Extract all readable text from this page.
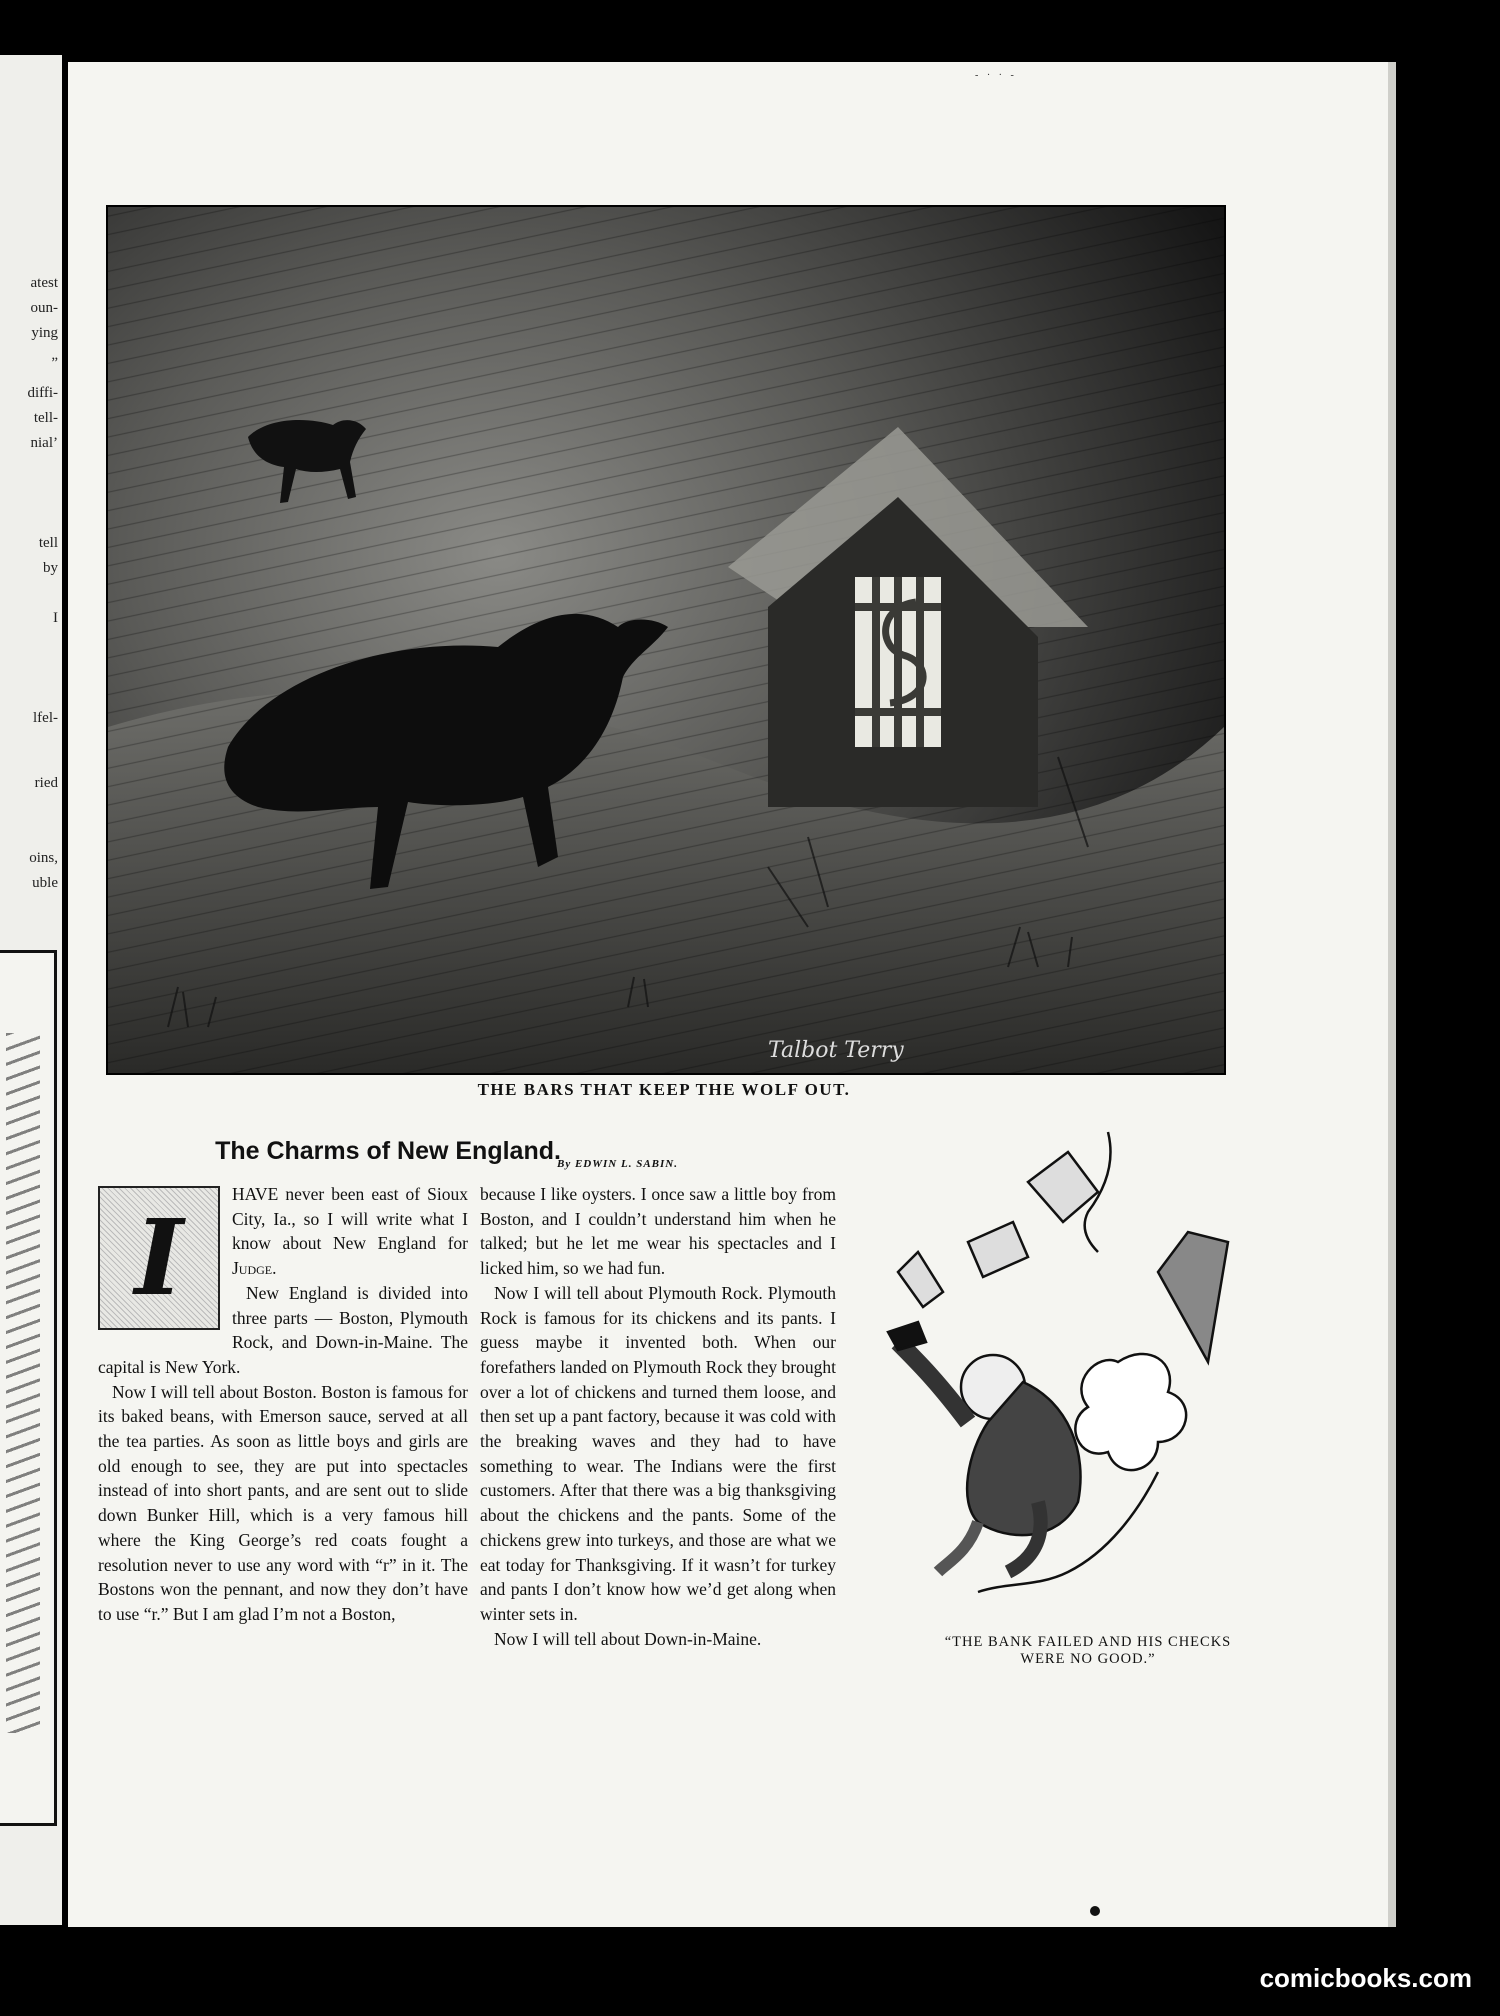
atest
oun-
ying
”
diffi-
tell-
nial’
tell
by
I
lfel-
ried
oins,
uble
Talbot Terry
THE BARS THAT KEEP THE WOLF OUT.
The Charms of New England.
By EDWIN L. SABIN.
I

HAVE never been east of Sioux City, Ia., so I will write what I know about New England for Judge.

New England is divided into three parts — Boston, Plymouth Rock, and Down-in-Maine. The capital is New York.

Now I will tell about Boston. Boston is famous for its baked beans, with Emerson sauce, served at all the tea parties. As soon as little boys and girls are old enough to see, they are put into spectacles instead of into short pants, and are sent out to slide down Bunker Hill, which is a very famous hill where the King George’s red coats fought a resolution never to use any word with “r” in it. The Bostons won the pennant, and now they don’t have to use “r.” But I am glad I’m not a Boston,

because I like oysters. I once saw a little boy from Boston, and I couldn’t understand him when he talked; but he let me wear his spectacles and I licked him, so we had fun.

Now I will tell about Plymouth Rock. Plymouth Rock is famous for its chickens and its pants. I guess maybe it invented both. When our forefathers landed on Plymouth Rock they brought over a lot of chickens and turned them loose, and then set up a pant factory, because it was cold with the breaking waves and they had to have something to wear. The Indians were the first customers. After that there was a big thanksgiving about the chickens and the pants. Some of the chickens grew into turkeys, and those are what we eat today for Thanksgiving. If it wasn’t for turkey and pants I don’t know how we’d get along when winter sets in.

Now I will tell about Down-in-Maine.	“THE BANK FAILED AND HIS CHECKS
WERE NO GOOD.”
- · · -
comicbooks.com
